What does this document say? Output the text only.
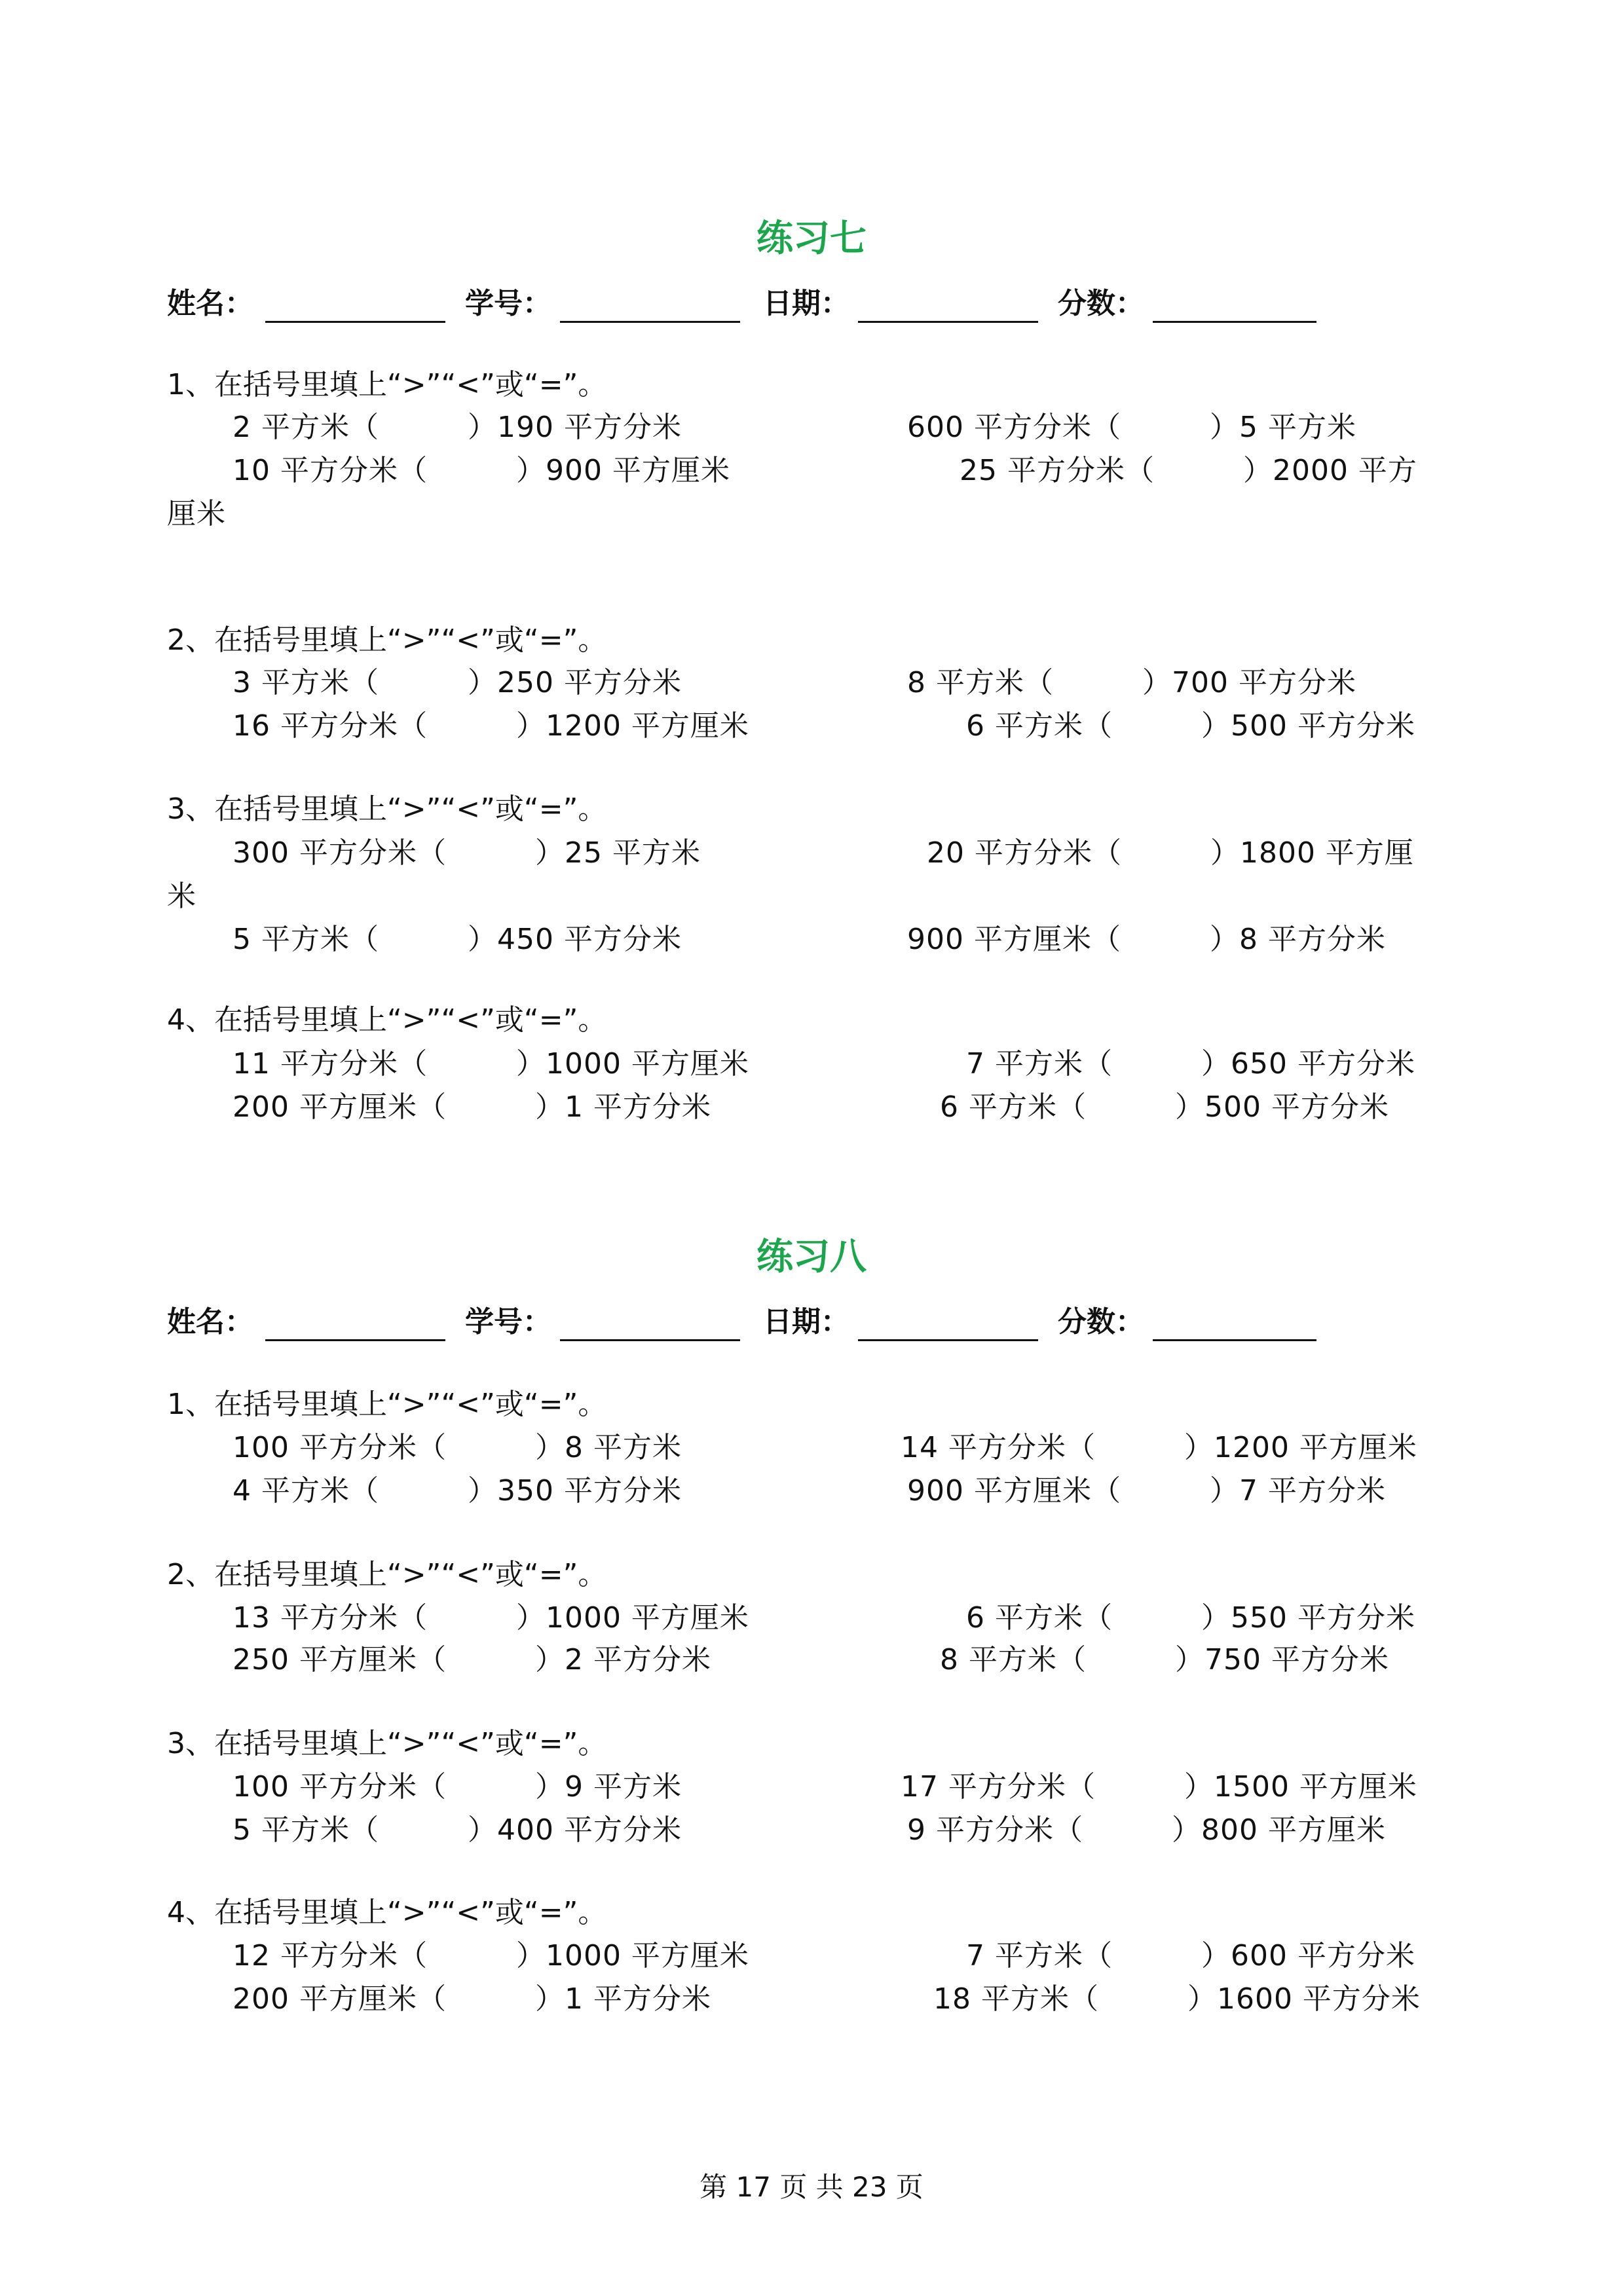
练习七
姓名：	学号：	日期：	分数：
1、在括号里填上“>”“<”或“=”。
2 平方米（　　　）190 平方分米	600 平方分米（　　　）5 平方米
10 平方分米（　　　）900 平方厘米	25 平方分米（　　　）2000 平方
厘米
2、在括号里填上“>”“<”或“=”。
3 平方米（　　　）250 平方分米	8 平方米（　　　）700 平方分米
16 平方分米（　　　）1200 平方厘米	6 平方米（　　　）500 平方分米
3、在括号里填上“>”“<”或“=”。
300 平方分米（　　　）25 平方米	20 平方分米（　　　）1800 平方厘
米
5 平方米（　　　）450 平方分米	900 平方厘米（　　　）8 平方分米
4、在括号里填上“>”“<”或“=”。
11 平方分米（　　　）1000 平方厘米	7 平方米（　　　）650 平方分米
200 平方厘米（　　　）1 平方分米	6 平方米（　　　）500 平方分米
练习八
姓名：	学号：	日期：	分数：
1、在括号里填上“>”“<”或“=”。
100 平方分米（　　　）8 平方米	14 平方分米（　　　）1200 平方厘米
4 平方米（　　　）350 平方分米	900 平方厘米（　　　）7 平方分米
2、在括号里填上“>”“<”或“=”。
13 平方分米（　　　）1000 平方厘米	6 平方米（　　　）550 平方分米
250 平方厘米（　　　）2 平方分米	8 平方米（　　　）750 平方分米
3、在括号里填上“>”“<”或“=”。
100 平方分米（　　　）9 平方米	17 平方分米（　　　）1500 平方厘米
5 平方米（　　　）400 平方分米	9 平方分米（　　　）800 平方厘米
4、在括号里填上“>”“<”或“=”。
12 平方分米（　　　）1000 平方厘米	7 平方米（　　　）600 平方分米
200 平方厘米（　　　）1 平方分米	18 平方米（　　　）1600 平方分米
第 17 页 共 23 页
